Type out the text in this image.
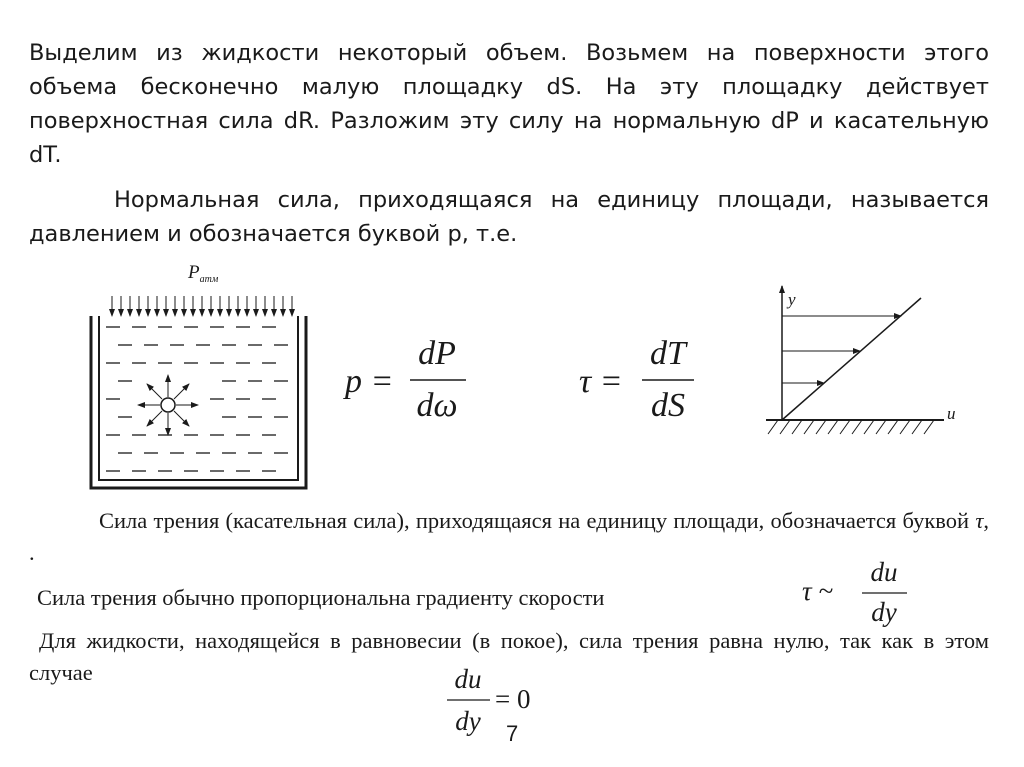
Выделим из жидкости некоторый объем. Возьмем на поверхности этого объема бесконечно малую площадку dS. На эту площадку действует поверхностная сила dR. Разложим эту силу на нормальную dP и касательную dT.
Нормальная сила, приходящаяся на единицу площади, называется давлением и обозначается буквой р, т.е.
Сила трения (касательная сила), приходящаяся на единицу площади, обозначается буквой τ, .
Сила трения обычно пропорциональна градиенту скорости
Для жидкости, находящейся в равновесии (в покое), сила трения равна нулю, так как в этом случае
7
$P_{атм}$
p =
dP
dω
τ =
dT
dS
y
u
τ ~
du
dy
du
dy
= 0
